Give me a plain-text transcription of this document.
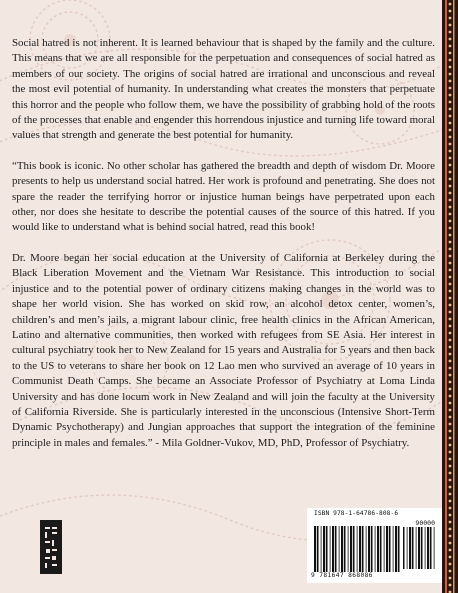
Social hatred is not inherent. It is learned behaviour that is shaped by the family and the culture. This means that we are all responsible for the perpetuation and consequences of social hatred as members of our society. The origins of social hatred are irrational and unconscious and reveal the most evil potential of humanity. In understanding what creates the monsters that perpetuate this horror and the people who follow them, we have the possibility of grabbing hold of the roots of the processes that enable and engender this horrendous injustice and turning life toward moral values that strength and generate the best potential for humanity.

“This book is iconic. No other scholar has gathered the breadth and depth of wisdom Dr. Moore presents to help us understand social hatred. Her work is profound and penetrating. She does not spare the reader the terrifying horror or injustice human beings have perpetrated upon each other, nor does she hesitate to describe the potential causes of the source of this hatred. If you would like to understand what is behind social hatred, read this book!

Dr. Moore began her social education at the University of California at Berkeley during the Black Liberation Movement and the Vietnam War Resistance. This introduction to social injustice and to the potential power of ordinary citizens making changes in the world was to shape her world vision. She has worked on skid row, an alcohol detox center, women’s, children’s and men’s jails, a migrant labour clinic, free health clinics in the African American, Latino and alternative communities, then worked with refugees from SE Asia. Her interest in cultural psychiatry took her to New Zealand for 15 years and Australia for 5 years and then back to the US to veterans to share her book on 12 Lao men who survived an average of 10 years in Communist Death Camps. She became an Associate Professor of Psychiatry at Loma Linda University and has done locum work in New Zealand and will join the faculty at the University of California Riverside. She is particularly interested in the unconscious (Intensive Short-Term Dynamic Psychotherapy) and Jungian approaches that support the integration of the feminine principle in males and females.” - Mila Goldner-Vukov, MD, PhD, Professor of Psychiatry.

ISBN 978-1-64786-808-6
90000
9 781647 868086
